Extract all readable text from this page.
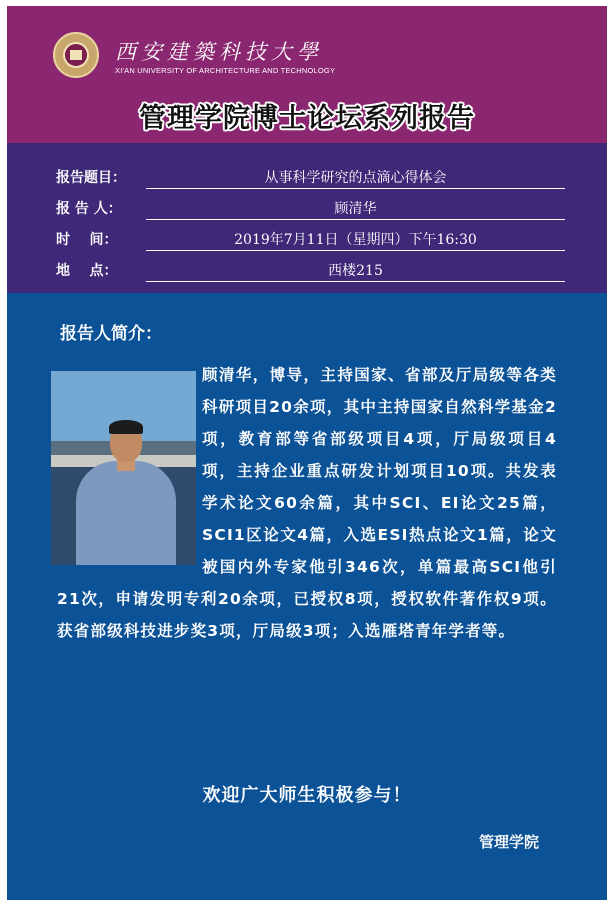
西安建築科技大學
XI'AN UNIVERSITY OF ARCHITECTURE AND TECHNOLOGY
管理学院博士论坛系列报告
报告题目：	从事科学研究的点滴心得体会
报 告 人：	顾清华
时    间：	2019年7月11日（星期四）下午16:30
地    点：	西楼215
报告人简介：
顾清华，博导，主持国家、省部及厅局级等各类科研项目20余项，其中主持国家自然科学基金2项，教育部等省部级项目4项，厅局级项目4项，主持企业重点研发计划项目10项。共发表学术论文60余篇，其中SCI、EI论文25篇，SCI1区论文4篇，入选ESI热点论文1篇，论文被国内外专家他引346次，单篇最高SCI他引21次，申请发明专利20余项，已授权8项，授权软件著作权9项。获省部级科技进步奖3项，厅局级3项；入选雁塔青年学者等。
欢迎广大师生积极参与！
管理学院
